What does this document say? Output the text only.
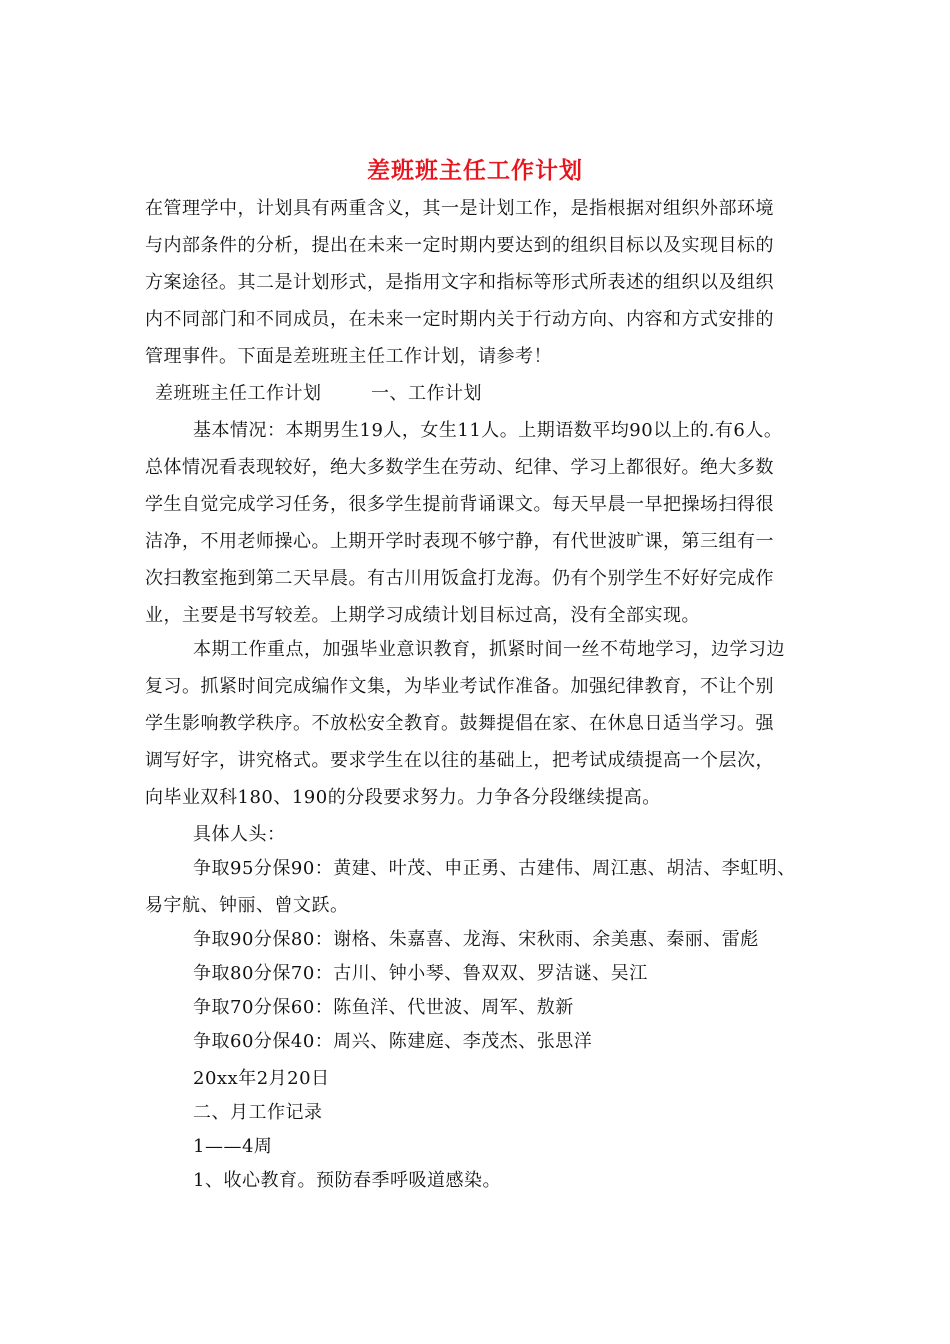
差班班主任工作计划
在管理学中，计划具有两重含义，其一是计划工作，是指根据对组织外部环境
与内部条件的分析，提出在未来一定时期内要达到的组织目标以及实现目标的
方案途径。其二是计划形式，是指用文字和指标等形式所表述的组织以及组织
内不同部门和不同成员，在未来一定时期内关于行动方向、内容和方式安排的
管理事件。下面是差班班主任工作计划，请参考！
差班班主任工作计划	一、工作计划
基本情况：本期男生19人，女生11人。上期语数平均90以上的.有6人。
总体情况看表现较好，绝大多数学生在劳动、纪律、学习上都很好。绝大多数
学生自觉完成学习任务，很多学生提前背诵课文。每天早晨一早把操场扫得很
洁净，不用老师操心。上期开学时表现不够宁静，有代世波旷课，第三组有一
次扫教室拖到第二天早晨。有古川用饭盒打龙海。仍有个别学生不好好完成作
业，主要是书写较差。上期学习成绩计划目标过高，没有全部实现。
本期工作重点，加强毕业意识教育，抓紧时间一丝不苟地学习，边学习边
复习。抓紧时间完成编作文集，为毕业考试作准备。加强纪律教育，不让个别
学生影响教学秩序。不放松安全教育。鼓舞提倡在家、在休息日适当学习。强
调写好字，讲究格式。要求学生在以往的基础上，把考试成绩提高一个层次，
向毕业双科180、190的分段要求努力。力争各分段继续提高。
具体人头：
争取95分保90：黄建、叶茂、申正勇、古建伟、周江惠、胡洁、李虹明、
易宇航、钟丽、曾文跃。
争取90分保80：谢格、朱嘉喜、龙海、宋秋雨、余美惠、秦丽、雷彪
争取80分保70：古川、钟小琴、鲁双双、罗洁谜、吴江
争取70分保60：陈鱼洋、代世波、周军、敖新
争取60分保40：周兴、陈建庭、李茂杰、张思洋
20xx年2月20日
二、月工作记录
1——4周
1、收心教育。预防春季呼吸道感染。
